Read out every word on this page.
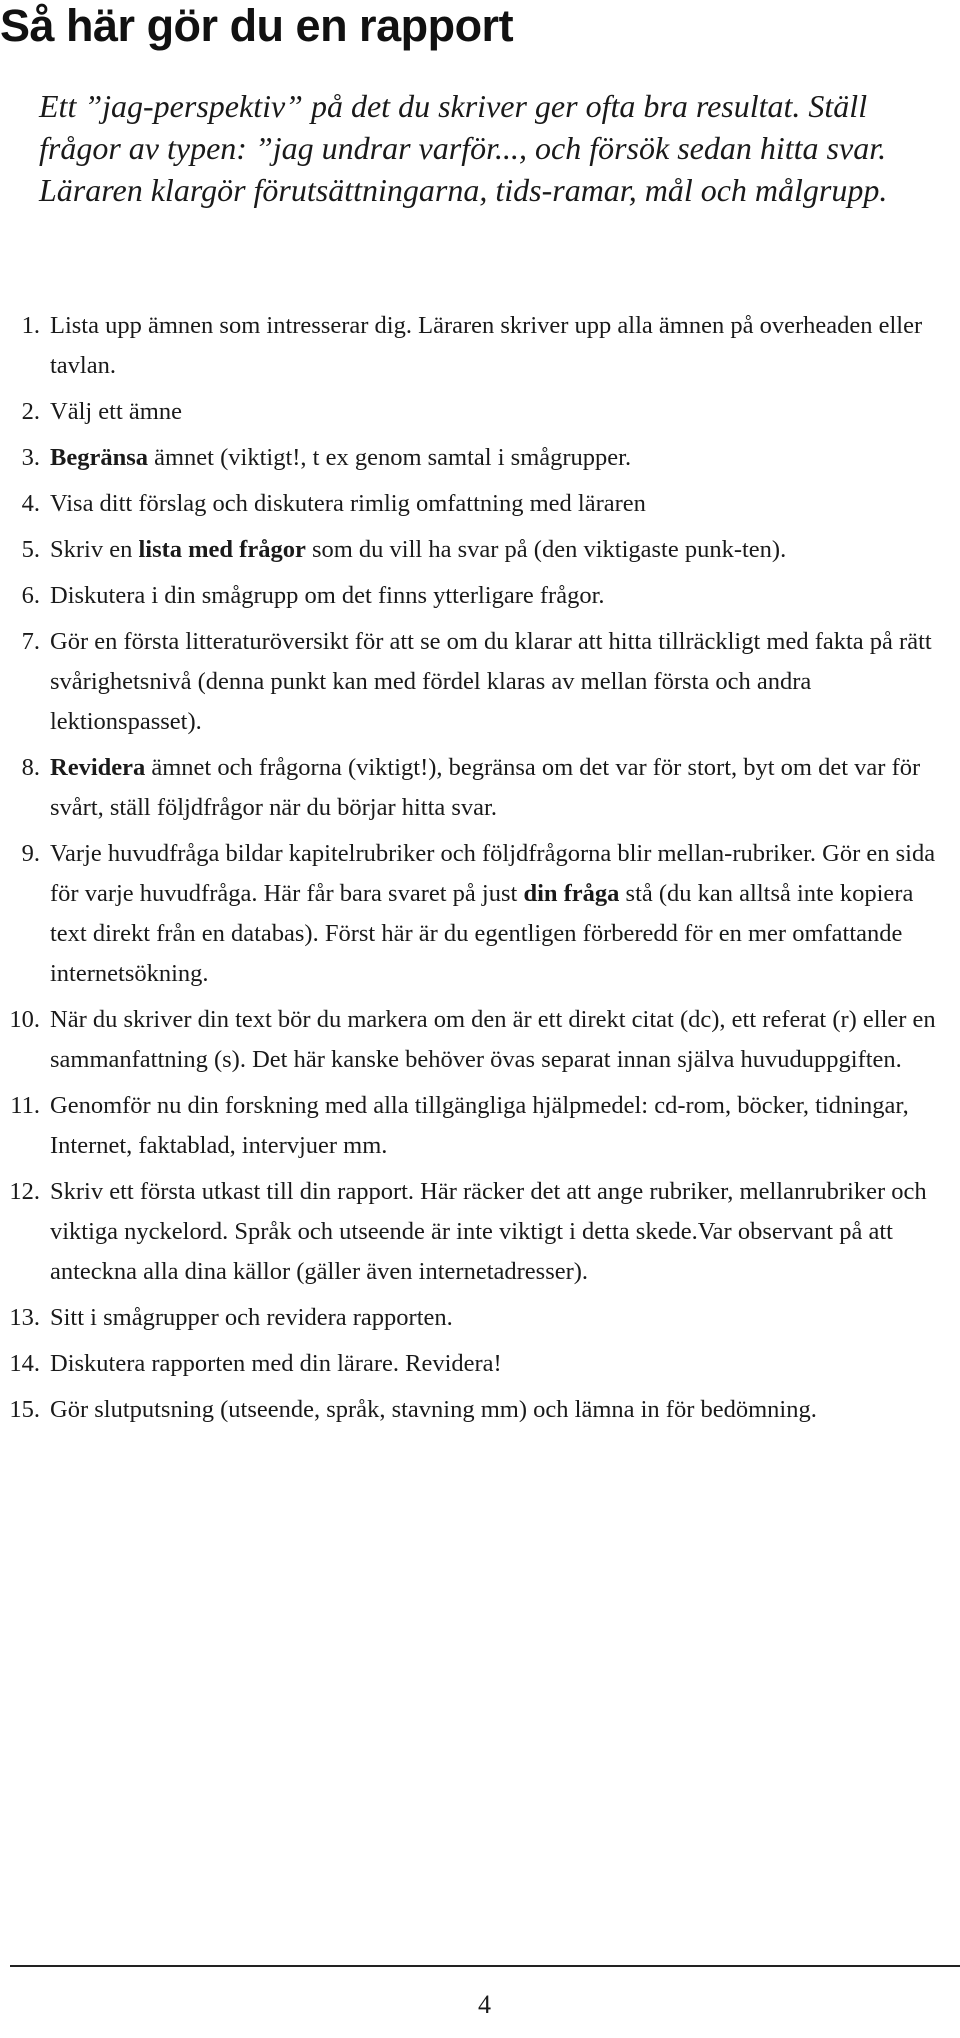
Så här gör du en rapport

Ett ”jag-perspektiv” på det du skriver ger ofta bra resultat. Ställ frågor av typen: ”jag undrar varför..., och försök sedan hitta svar. Läraren klargör förutsättningarna, tids-ramar, mål och målgrupp.

1. Lista upp ämnen som intresserar dig. Läraren skriver upp alla ämnen på overheaden eller tavlan.
2. Välj ett ämne
3. Begränsa ämnet (viktigt!, t ex genom samtal i smågrupper.
4. Visa ditt förslag och diskutera rimlig omfattning med läraren
5. Skriv en lista med frågor som du vill ha svar på (den viktigaste punk-ten).
6. Diskutera i din smågrupp om det finns ytterligare frågor.
7. Gör en första litteraturöversikt för att se om du klarar att hitta tillräckligt med fakta på rätt svårighetsnivå (denna punkt kan med fördel klaras av mellan första och andra lektionspasset).
8. Revidera ämnet och frågorna (viktigt!), begränsa om det var för stort, byt om det var för svårt, ställ följdfrågor när du börjar hitta svar.
9. Varje huvudfråga bildar kapitelrubriker och följdfrågorna blir mellan-rubriker. Gör en sida för varje huvudfråga. Här får bara svaret på just din fråga stå (du kan alltså inte kopiera text direkt från en databas). Först här är du egentligen förberedd för en mer omfattande internetsökning.
10. När du skriver din text bör du markera om den är ett direkt citat (dc), ett referat (r) eller en sammanfattning (s). Det här kanske behöver övas separat innan själva huvuduppgiften.
11. Genomför nu din forskning med alla tillgängliga hjälpmedel: cd-rom, böcker, tidningar, Internet, faktablad, intervjuer mm.
12. Skriv ett första utkast till din rapport. Här räcker det att ange rubriker, mellanrubriker och viktiga nyckelord. Språk och utseende är inte viktigt i detta skede.Var observant på att anteckna alla dina källor (gäller även internetadresser).
13. Sitt i smågrupper och revidera rapporten.
14. Diskutera rapporten med din lärare. Revidera!
15. Gör slutputsning (utseende, språk, stavning mm) och lämna in för bedömning.
4
